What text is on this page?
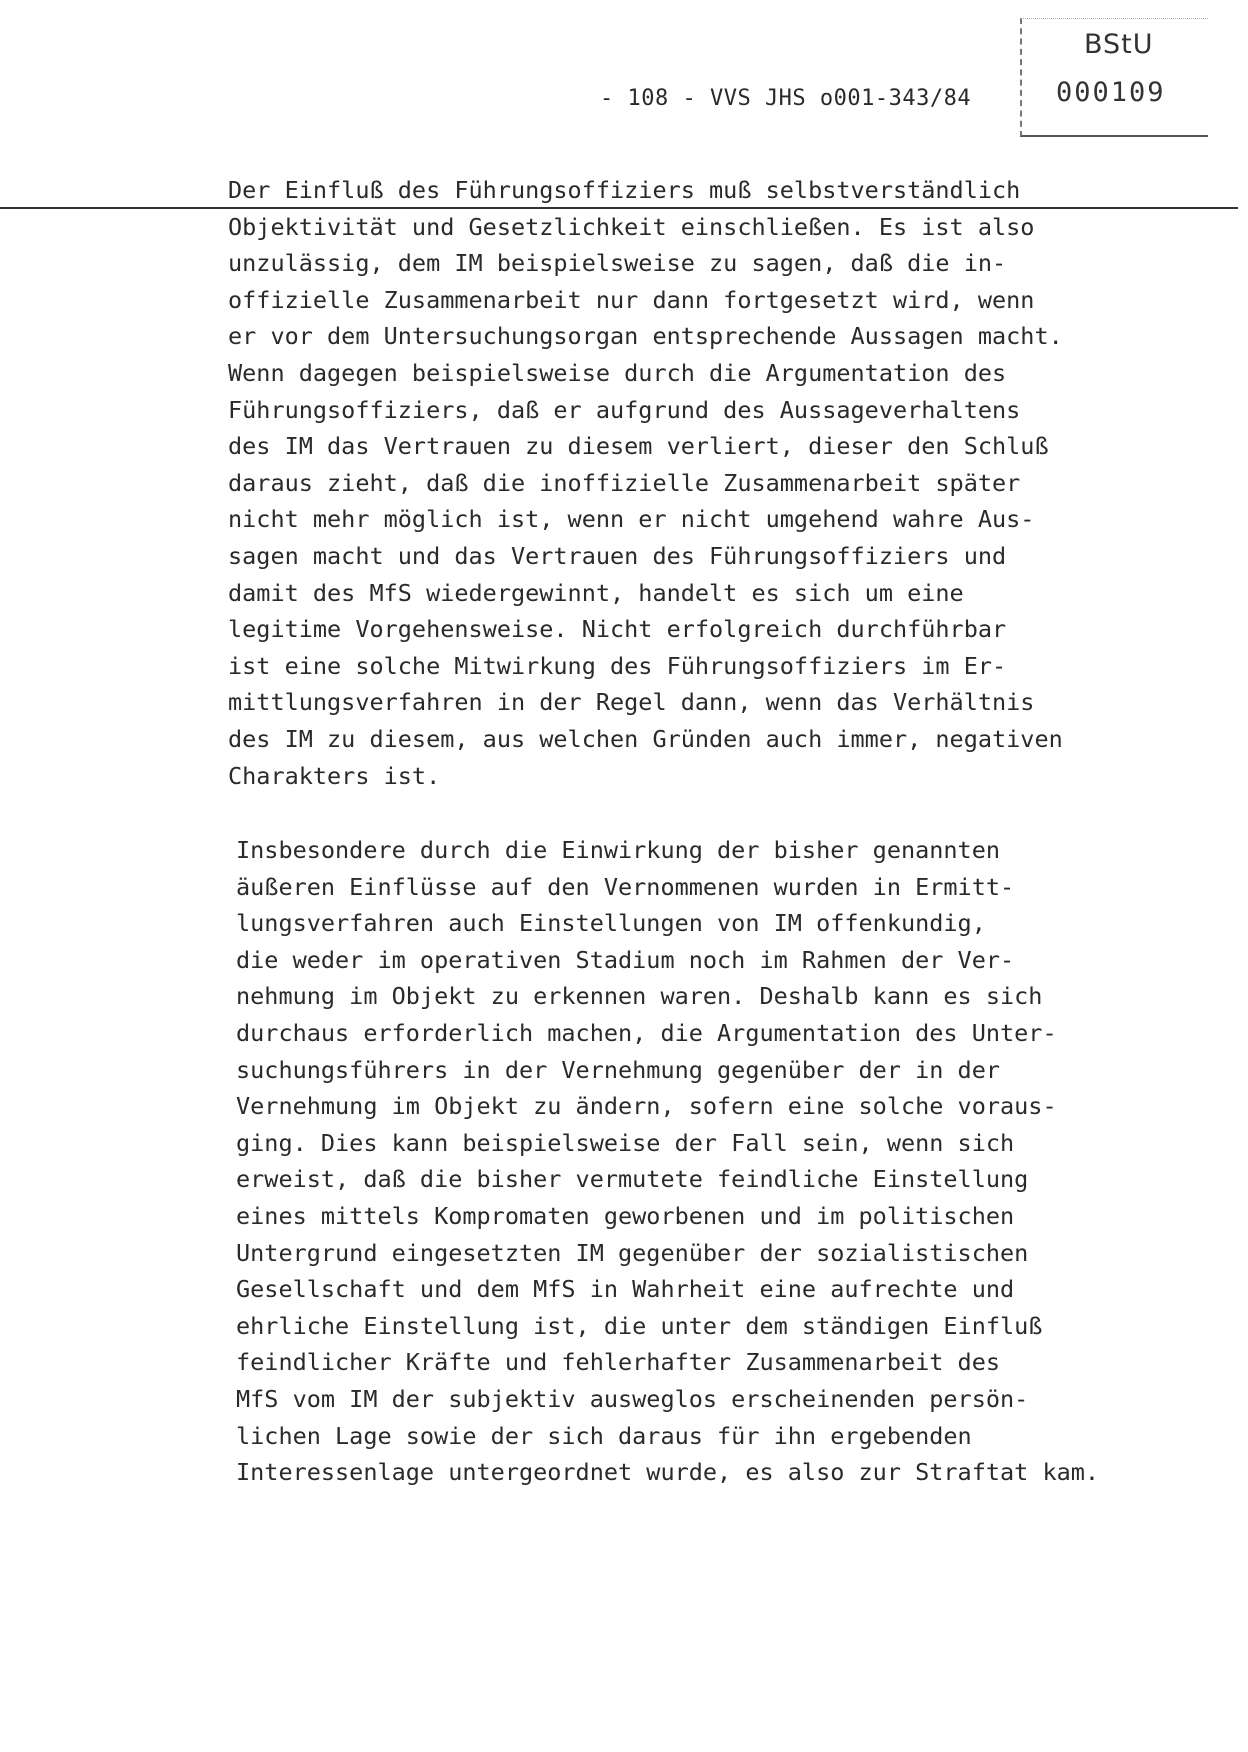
- 108 - VVS JHS o001-343/84
BStU
000109
Der Einfluß des Führungsoffiziers muß selbstverständlich
Objektivität und Gesetzlichkeit einschließen. Es ist also
unzulässig, dem IM beispielsweise zu sagen, daß die in-
offizielle Zusammenarbeit nur dann fortgesetzt wird, wenn
er vor dem Untersuchungsorgan entsprechende Aussagen macht.
Wenn dagegen beispielsweise durch die Argumentation des
Führungsoffiziers, daß er aufgrund des Aussageverhaltens
des IM das Vertrauen zu diesem verliert, dieser den Schluß
daraus zieht, daß die inoffizielle Zusammenarbeit später
nicht mehr möglich ist, wenn er nicht umgehend wahre Aus-
sagen macht und das Vertrauen des Führungsoffiziers und
damit des MfS wiedergewinnt, handelt es sich um eine
legitime Vorgehensweise. Nicht erfolgreich durchführbar
ist eine solche Mitwirkung des Führungsoffiziers im Er-
mittlungsverfahren in der Regel dann, wenn das Verhältnis
des IM zu diesem, aus welchen Gründen auch immer, negativen
Charakters ist.
Insbesondere durch die Einwirkung der bisher genannten
äußeren Einflüsse auf den Vernommenen wurden in Ermitt-
lungsverfahren auch Einstellungen von IM offenkundig,
die weder im operativen Stadium noch im Rahmen der Ver-
nehmung im Objekt zu erkennen waren. Deshalb kann es sich
durchaus erforderlich machen, die Argumentation des Unter-
suchungsführers in der Vernehmung gegenüber der in der
Vernehmung im Objekt zu ändern, sofern eine solche voraus-
ging. Dies kann beispielsweise der Fall sein, wenn sich
erweist, daß die bisher vermutete feindliche Einstellung
eines mittels Kompromaten geworbenen und im politischen
Untergrund eingesetzten IM gegenüber der sozialistischen
Gesellschaft und dem MfS in Wahrheit eine aufrechte und
ehrliche Einstellung ist, die unter dem ständigen Einfluß
feindlicher Kräfte und fehlerhafter Zusammenarbeit des
MfS vom IM der subjektiv ausweglos erscheinenden persön-
lichen Lage sowie der sich daraus für ihn ergebenden
Interessenlage untergeordnet wurde, es also zur Straftat kam.
